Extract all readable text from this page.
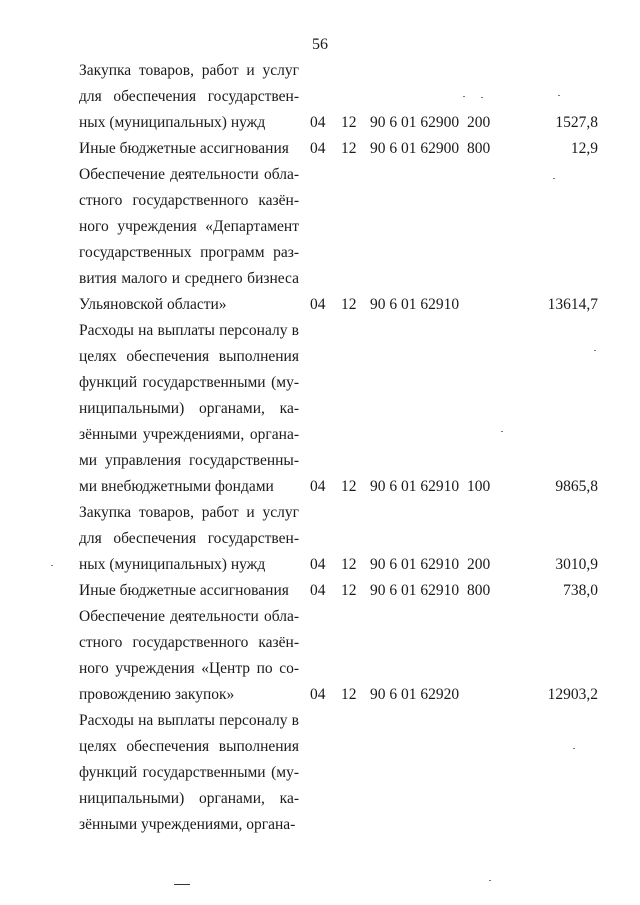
56
Закупка товаров, работ и услуг
для обеспечения государствен-
ных (муниципальных) нужд	04 12 90 6 01 62900 200	1527,8
Иные бюджетные ассигнования	04 12 90 6 01 62900 800	12,9
Обеспечение деятельности обла-
стного государственного казён-
ного учреждения «Департамент
государственных программ раз-
вития малого и среднего бизнеса
Ульяновской области»	04 12 90 6 01 62910	13614,7
Расходы на выплаты персоналу в
целях обеспечения выполнения
функций государственными (му-
ниципальными) органами, ка-
зёнными учреждениями, органа-
ми управления государственны-
ми внебюджетными фондами	04 12 90 6 01 62910 100	9865,8
Закупка товаров, работ и услуг
для обеспечения государствен-
ных (муниципальных) нужд	04 12 90 6 01 62910 200	3010,9
Иные бюджетные ассигнования	04 12 90 6 01 62910 800	738,0
Обеспечение деятельности обла-
стного государственного казён-
ного учреждения «Центр по со-
провождению закупок»	04 12 90 6 01 62920	12903,2
Расходы на выплаты персоналу в
целях обеспечения выполнения
функций государственными (му-
ниципальными) органами, ка-
зёнными учреждениями, органа-
